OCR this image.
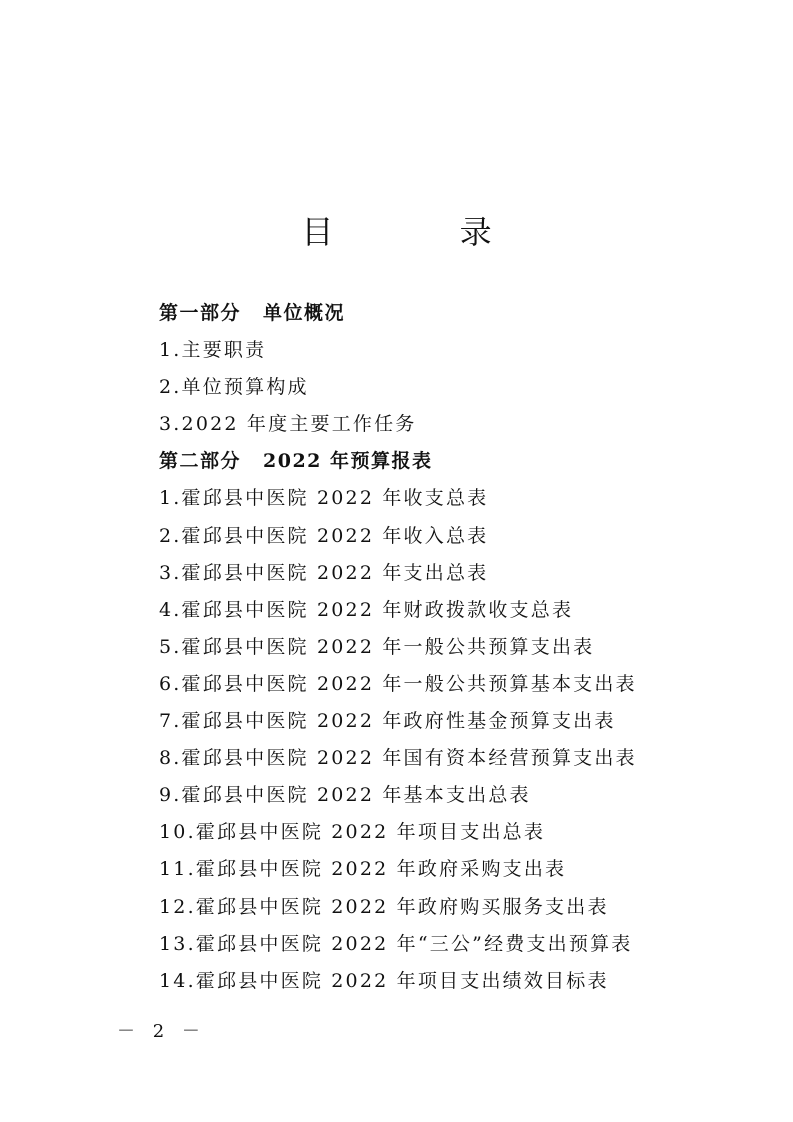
目 录
第一部分 单位概况
1.主要职责
2.单位预算构成
3.2022 年度主要工作任务
第二部分 2022 年预算报表
1.霍邱县中医院 2022 年收支总表
2.霍邱县中医院 2022 年收入总表
3.霍邱县中医院 2022 年支出总表
4.霍邱县中医院 2022 年财政拨款收支总表
5.霍邱县中医院 2022 年一般公共预算支出表
6.霍邱县中医院 2022 年一般公共预算基本支出表
7.霍邱县中医院 2022 年政府性基金预算支出表
8.霍邱县中医院 2022 年国有资本经营预算支出表
9.霍邱县中医院 2022 年基本支出总表
10.霍邱县中医院 2022 年项目支出总表
11.霍邱县中医院 2022 年政府采购支出表
12.霍邱县中医院 2022 年政府购买服务支出表
13.霍邱县中医院 2022 年“三公”经费支出预算表
14.霍邱县中医院 2022 年项目支出绩效目标表
－ 2 －
